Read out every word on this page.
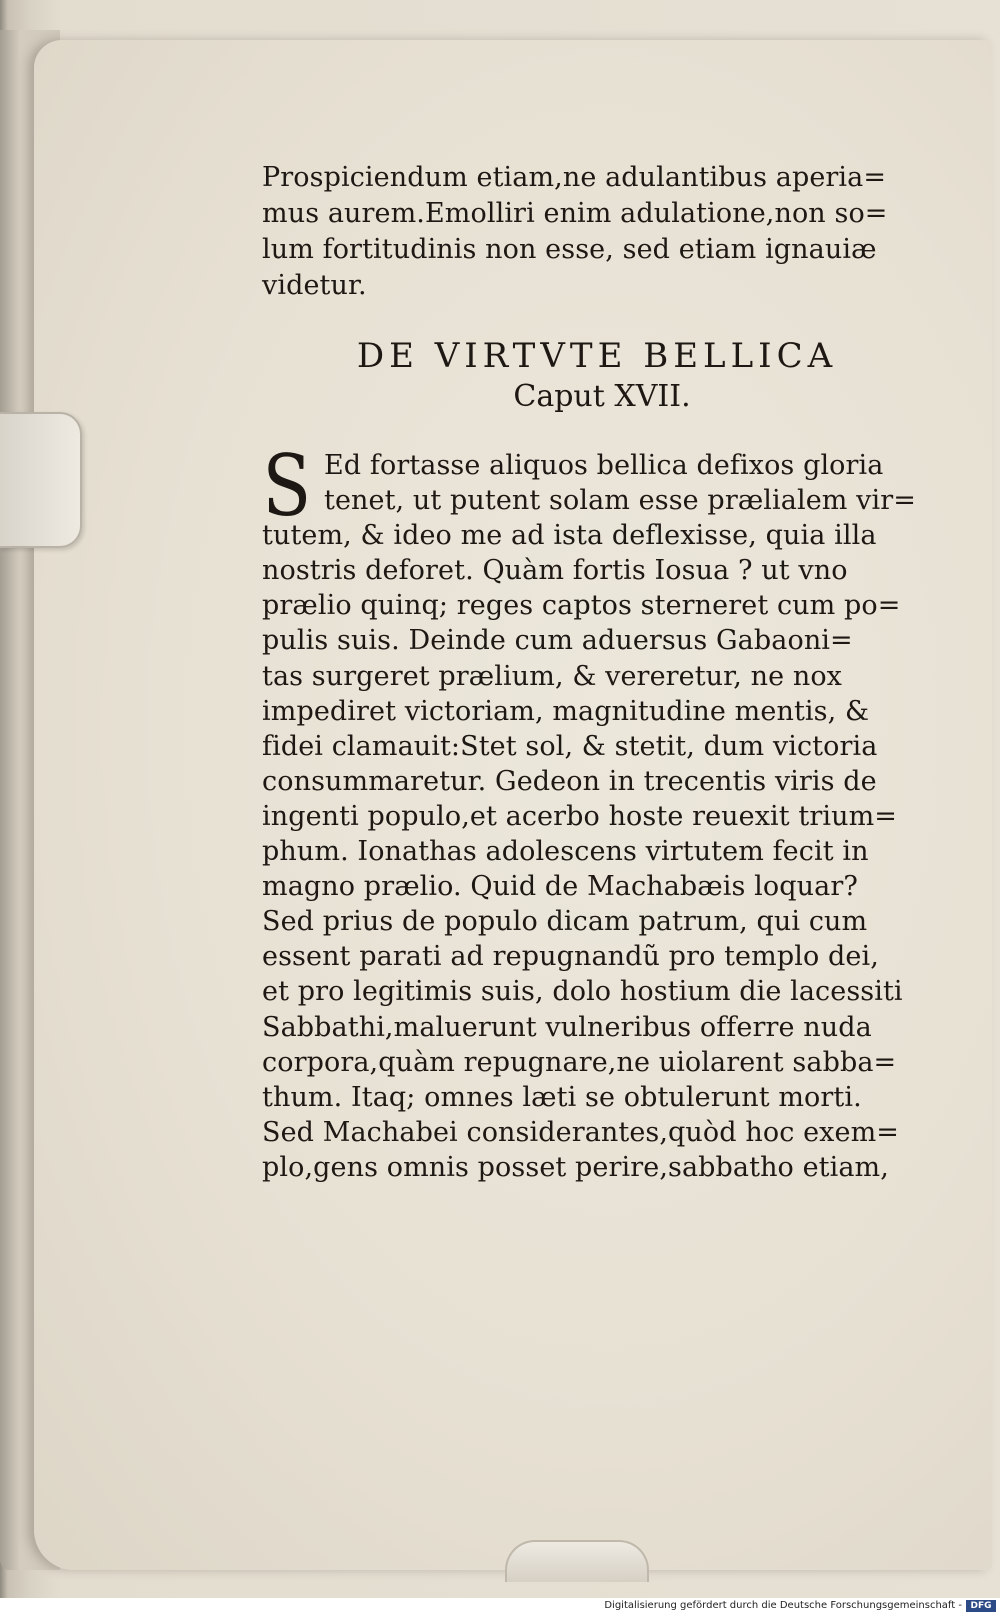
Prospiciendum etiam,ne adulantibus aperia=
mus aurem.Emolliri enim adulatione,non so=
lum fortitudinis non esse, sed etiam ignauiæ
videtur.
DE VIRTVTE BELLICA
Caput XVII.
S Ed fortasse aliquos bellica defixos gloria
tenet, ut putent solam esse prælialem vir=
tutem, & ideo me ad ista deflexisse, quia illa
nostris deforet. Quàm fortis Iosua ? ut vno
prælio quinq; reges captos sterneret cum po=
pulis suis. Deinde cum aduersus Gabaoni=
tas surgeret prælium, & vereretur, ne nox
impediret victoriam, magnitudine mentis, &
fidei clamauit:Stet sol, & stetit, dum victoria
consummaretur. Gedeon in trecentis viris de
ingenti populo,et acerbo hoste reuexit trium=
phum. Ionathas adolescens virtutem fecit in
magno prælio. Quid de Machabæis loquar?
Sed prius de populo dicam patrum, qui cum
essent parati ad repugnandũ pro templo dei,
et pro legitimis suis, dolo hostium die lacessiti
Sabbathi,maluerunt vulneribus offerre nuda
corpora,quàm repugnare,ne uiolarent sabba=
thum. Itaq; omnes læti se obtulerunt morti.
Sed Machabei considerantes,quòd hoc exem=
plo,gens omnis posset perire,sabbatho etiam,
Digitalisierung gefördert durch die Deutsche Forschungsgemeinschaft - DFG
